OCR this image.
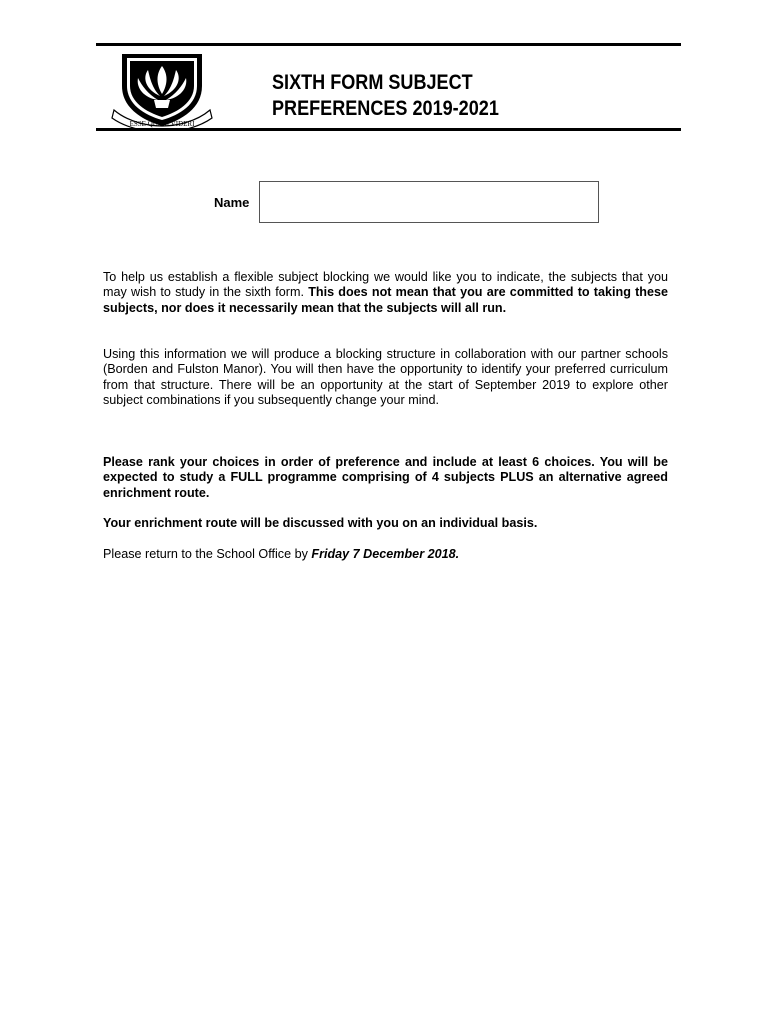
ESSE QUAM VIDERI
SIXTH FORM SUBJECT
PREFERENCES 2019-2021
Name
To help us establish a flexible subject blocking we would like you to indicate, the subjects that you may wish to study in the sixth form. This does not mean that you are committed to taking these subjects, nor does it necessarily mean that the subjects will all run.
Using this information we will produce a blocking structure in collaboration with our partner schools (Borden and Fulston Manor). You will then have the opportunity to identify your preferred curriculum from that structure. There will be an opportunity at the start of September 2019 to explore other subject combinations if you subsequently change your mind.
Please rank your choices in order of preference and include at least 6 choices. You will be expected to study a FULL programme comprising of 4 subjects PLUS an alternative agreed enrichment route.
Your enrichment route will be discussed with you on an individual basis.
Please return to the School Office by Friday 7 December 2018.
